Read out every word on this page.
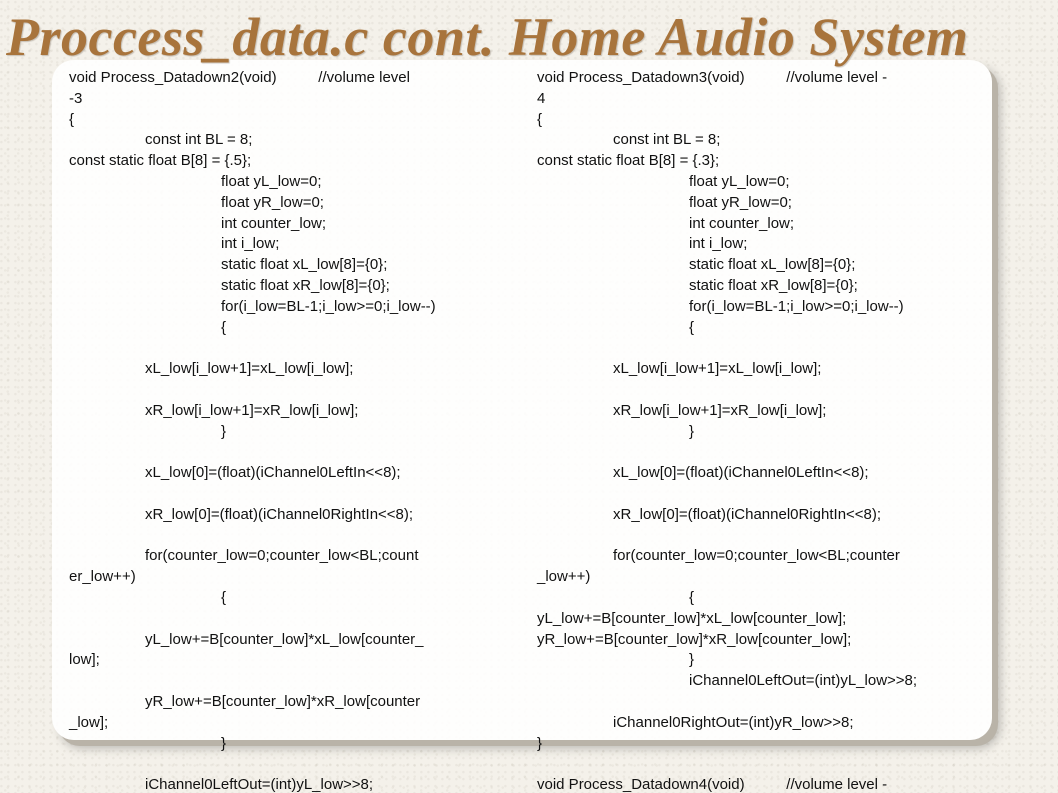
Proccess_data.c cont. Home Audio System
void Process_Datadown2(void)          //volume level
-3
{
const int BL = 8;
const static float B[8] = {.5};
float yL_low=0;
float yR_low=0;
int counter_low;
int i_low;
static float xL_low[8]={0};
static float xR_low[8]={0};
for(i_low=BL-1;i_low>=0;i_low--)
{
xL_low[i_low+1]=xL_low[i_low];
xR_low[i_low+1]=xR_low[i_low];
}
xL_low[0]=(float)(iChannel0LeftIn<<8);
xR_low[0]=(float)(iChannel0RightIn<<8);
for(counter_low=0;counter_low<BL;count
er_low++)
{
yL_low+=B[counter_low]*xL_low[counter_
low];
yR_low+=B[counter_low]*xR_low[counter
_low];
}
iChannel0LeftOut=(int)yL_low>>8;
void Process_Datadown3(void)          //volume level -
4
{
const int BL = 8;
const static float B[8] = {.3};
float yL_low=0;
float yR_low=0;
int counter_low;
int i_low;
static float xL_low[8]={0};
static float xR_low[8]={0};
for(i_low=BL-1;i_low>=0;i_low--)
{
xL_low[i_low+1]=xL_low[i_low];
xR_low[i_low+1]=xR_low[i_low];
}
xL_low[0]=(float)(iChannel0LeftIn<<8);
xR_low[0]=(float)(iChannel0RightIn<<8);
for(counter_low=0;counter_low<BL;counter
_low++)
{
yL_low+=B[counter_low]*xL_low[counter_low];
yR_low+=B[counter_low]*xR_low[counter_low];
}
iChannel0LeftOut=(int)yL_low>>8;
iChannel0RightOut=(int)yR_low>>8;
}
void Process_Datadown4(void)          //volume level -
